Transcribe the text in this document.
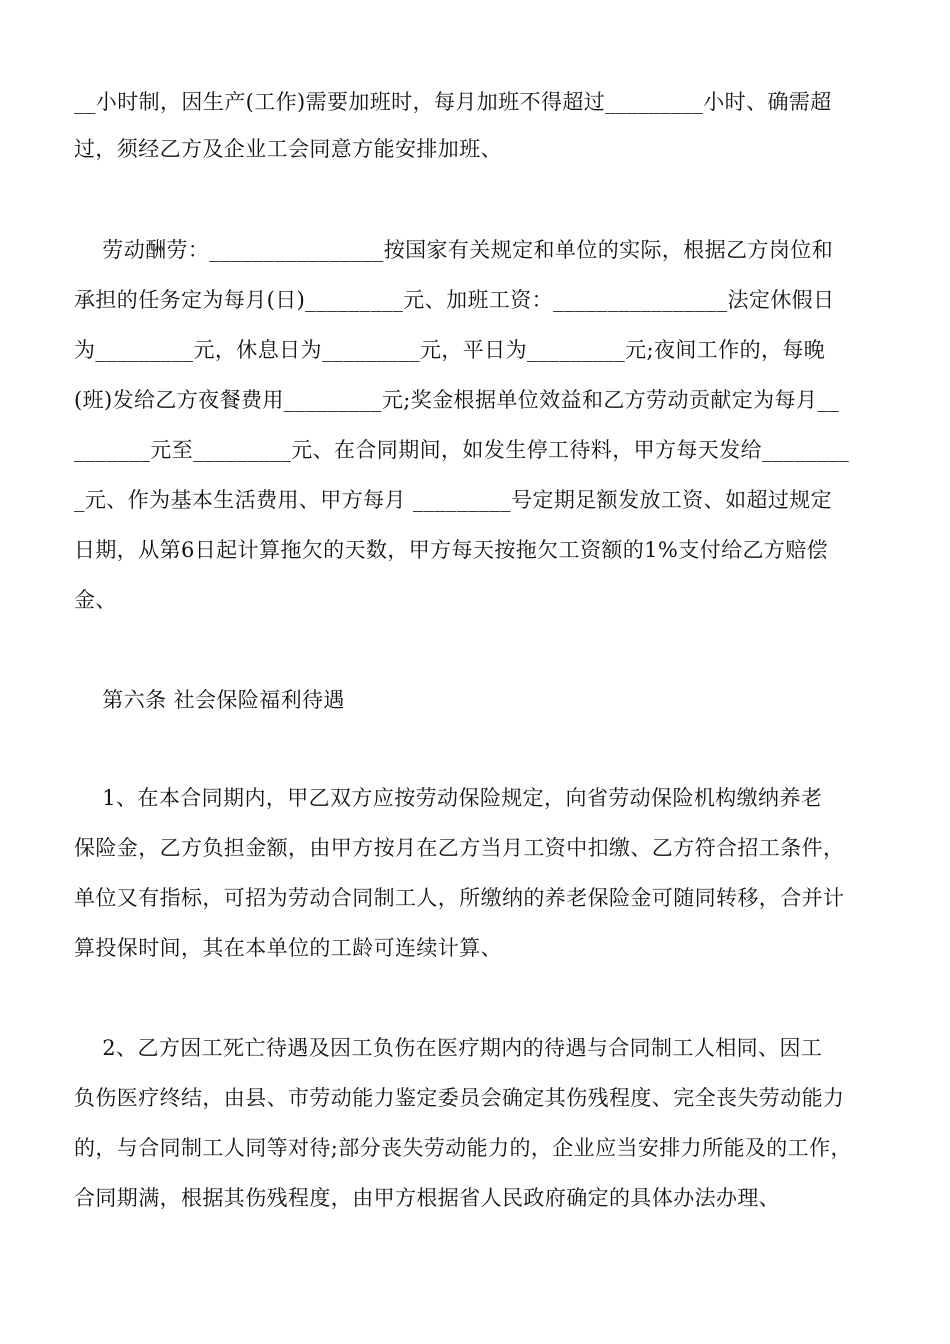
__小时制，因生产(工作)需要加班时，每月加班不得超过_________小时、确需超
过，须经乙方及企业工会同意方能安排加班、
劳动酬劳：________________按国家有关规定和单位的实际，根据乙方岗位和
承担的任务定为每月(日)_________元、加班工资：________________法定休假日
为_________元，休息日为_________元，平日为_________元;夜间工作的，每晚
(班)发给乙方夜餐费用_________元;奖金根据单位效益和乙方劳动贡献定为每月__
_______元至_________元、在合同期间，如发生停工待料，甲方每天发给________
_元、作为基本生活费用、甲方每月 _________号定期足额发放工资、如超过规定
日期，从第6日起计算拖欠的天数，甲方每天按拖欠工资额的1%支付给乙方赔偿
金、
第六条 社会保险福利待遇
1、在本合同期内，甲乙双方应按劳动保险规定，向省劳动保险机构缴纳养老
保险金，乙方负担金额，由甲方按月在乙方当月工资中扣缴、乙方符合招工条件，
单位又有指标，可招为劳动合同制工人，所缴纳的养老保险金可随同转移，合并计
算投保时间，其在本单位的工龄可连续计算、
2、乙方因工死亡待遇及因工负伤在医疗期内的待遇与合同制工人相同、因工
负伤医疗终结，由县、市劳动能力鉴定委员会确定其伤残程度、完全丧失劳动能力
的，与合同制工人同等对待;部分丧失劳动能力的，企业应当安排力所能及的工作，
合同期满，根据其伤残程度，由甲方根据省人民政府确定的具体办法办理、
